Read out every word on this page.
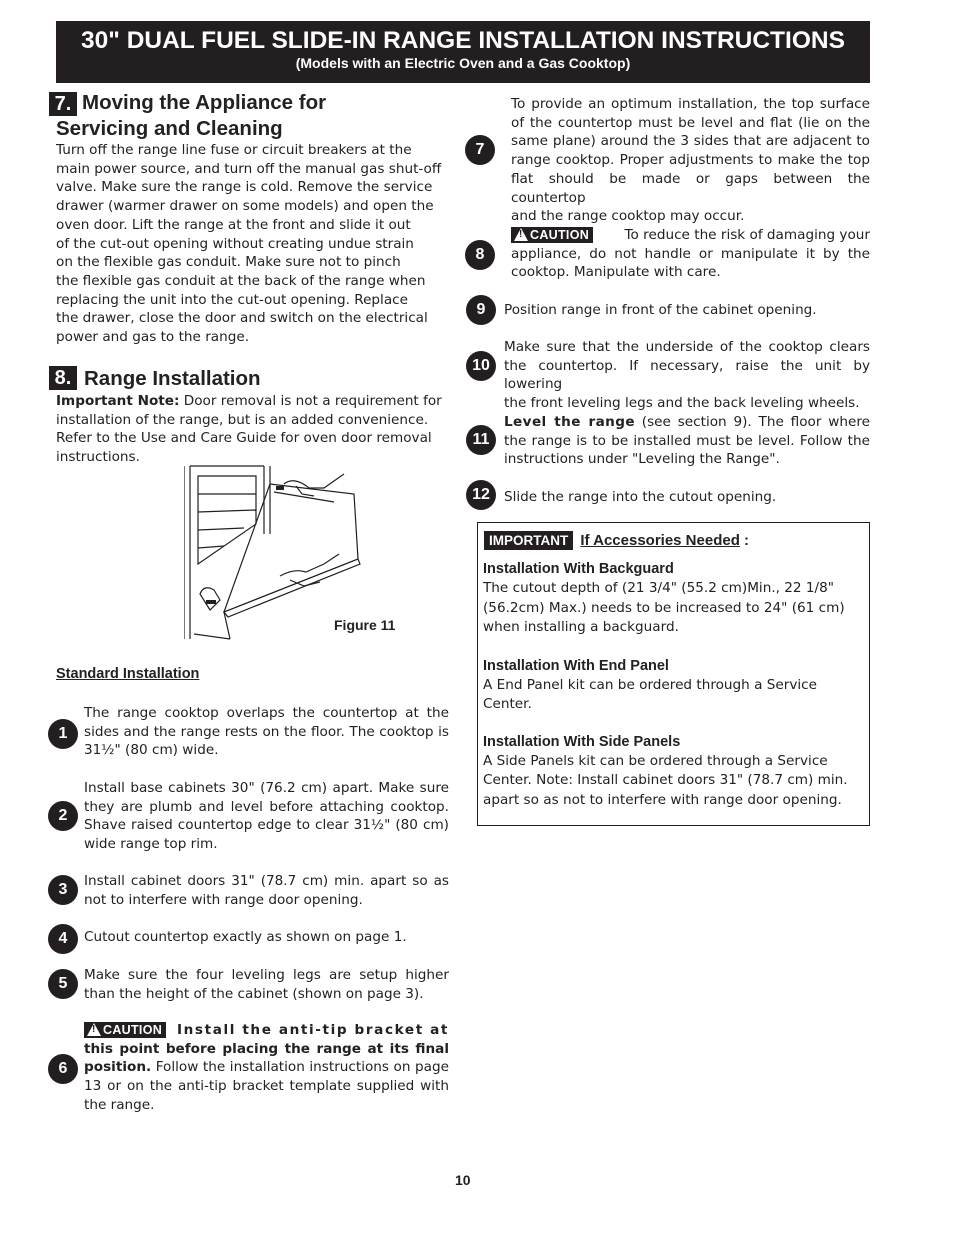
30" DUAL FUEL SLIDE-IN RANGE INSTALLATION INSTRUCTIONS
(Models with an Electric Oven and a Gas Cooktop)
7. Moving the Appliance for
Servicing and Cleaning
Turn off the range line fuse or circuit breakers at the
main power source, and turn off the manual gas shut-off
valve. Make sure the range is cold. Remove the service
drawer (warmer drawer on some models) and open the
oven door. Lift the range at the front and slide it out
of the cut-out opening without creating undue strain
on the flexible gas conduit. Make sure not to pinch
the flexible gas conduit at the back of the range when
replacing the unit into the cut-out opening. Replace
the drawer, close the door and switch on the electrical
power and gas to the range.
8. Range Installation
Important Note: Door removal is not a requirement for
installation of the range, but is an added convenience.
Refer to the Use and Care Guide for oven door removal
instructions.
Figure 11
Standard Installation
1
The range cooktop overlaps the countertop at the
sides and the range rests on the floor. The cooktop is
31½" (80 cm) wide.
2
Install base cabinets 30" (76.2 cm) apart. Make sure
they are plumb and level before attaching cooktop.
Shave raised countertop edge to clear 31½" (80 cm)
wide range top rim.
3	Install cabinet doors 31" (78.7 cm) min. apart so as
not to interfere with range door opening.
4	Cutout countertop exactly as shown on page 1.
5	Make sure the four leveling legs are setup higher
than the height of the cabinet (shown on page 3).
6
!CAUTION Install the anti-tip bracket at
this point before placing the range at its final
position. Follow the installation instructions on page
13 or on the anti-tip bracket template supplied with
the range.
7
To provide an optimum installation, the top surface
of the countertop must be level and flat (lie on the
same plane) around the 3 sides that are adjacent to
range cooktop. Proper adjustments to make the top
flat should be made or gaps between the countertop
and the range cooktop may occur.
8
!CAUTION	To reduce the risk of damaging your
appliance, do not handle or manipulate it by the
cooktop. Manipulate with care.
9	Position range in front of the cabinet opening.
10
Make sure that the underside of the cooktop clears
the countertop. If necessary, raise the unit by lowering
the front leveling legs and the back leveling wheels.
11
Level the range (see section 9). The floor where
the range is to be installed must be level. Follow the
instructions under "Leveling the Range".
12	Slide the range into the cutout opening.
IMPORTANT If Accessories Needed :
Installation With Backguard
The cutout depth of (21 3/4" (55.2 cm)Min., 22 1/8"
(56.2cm) Max.) needs to be increased to 24" (61 cm)
when installing a backguard.
Installation With End Panel
A End Panel kit can be ordered through a Service
Center.
Installation With Side Panels
A Side Panels kit can be ordered through a Service
Center. Note: Install cabinet doors 31" (78.7 cm) min.
apart so as not to interfere with range door opening.
10
